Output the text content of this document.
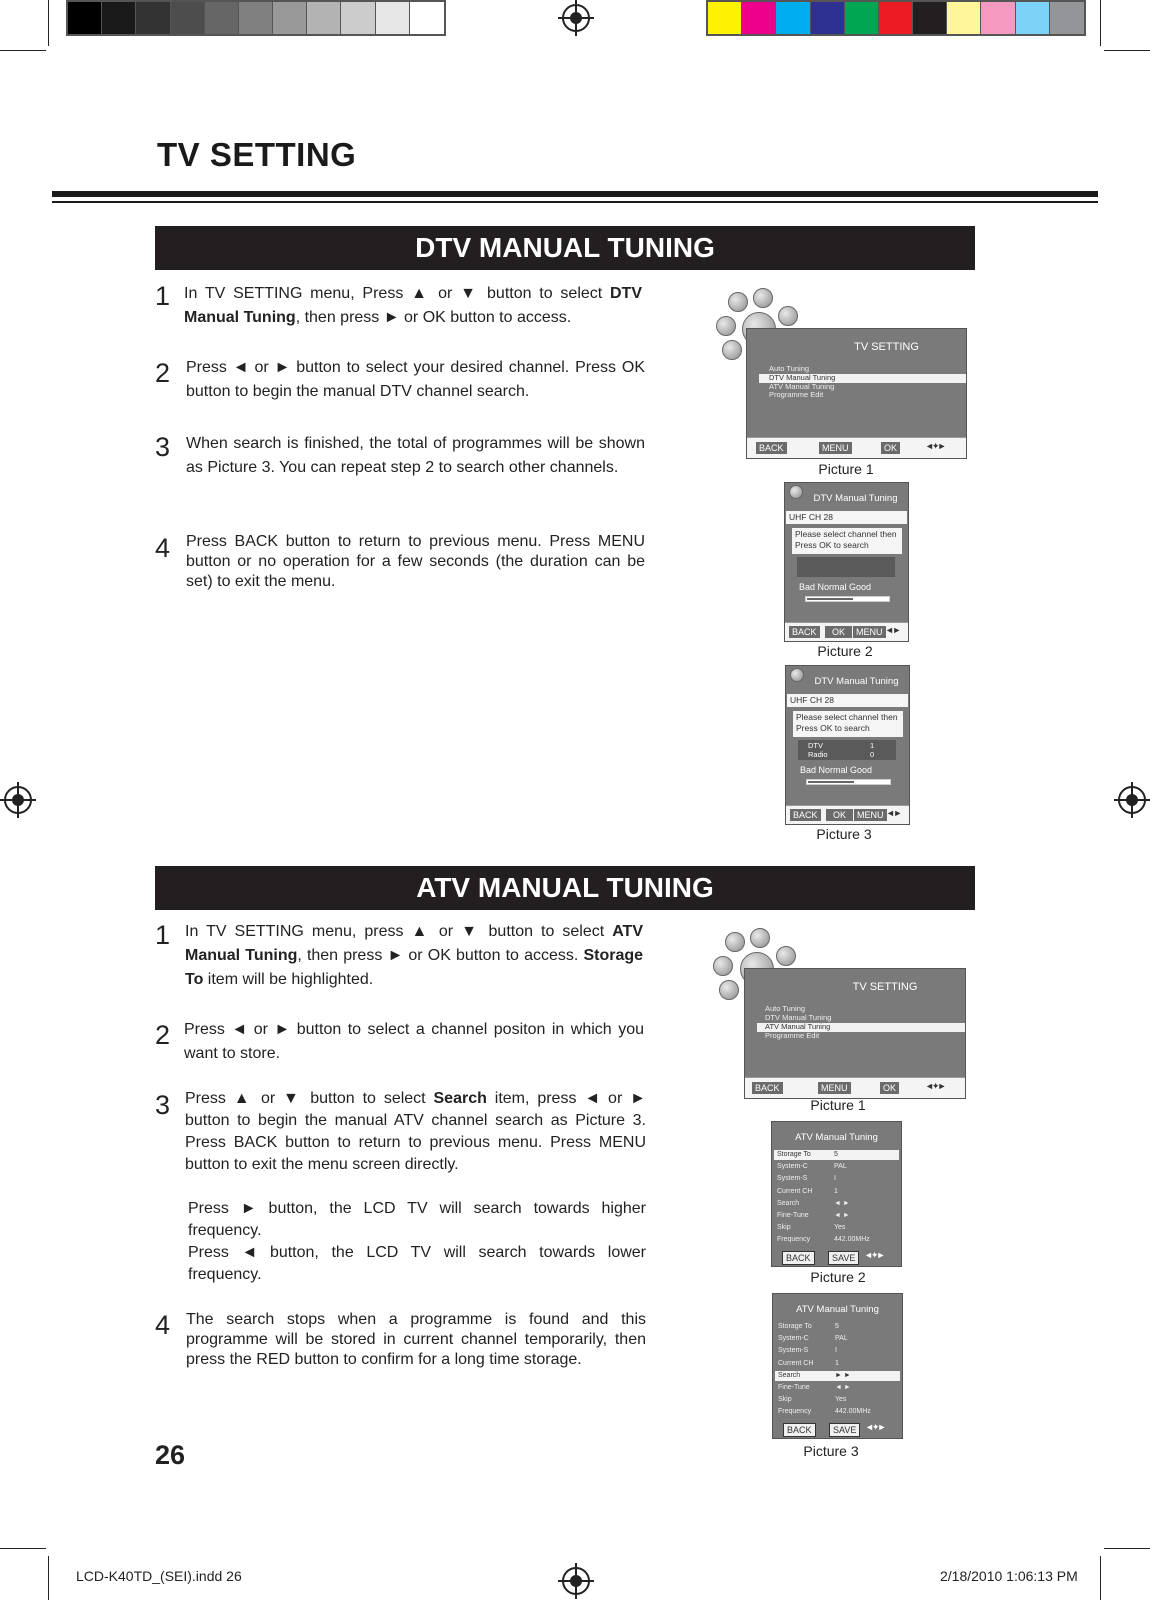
TV SETTING
DTV MANUAL TUNING
1 In TV SETTING menu, Press ▲ or ▼ button to select DTV Manual Tuning, then press ► or OK button to access.
2 Press ◄ or ► button to select your desired channel. Press OK button to begin the manual DTV channel search.
3 When search is finished, the total of programmes will be shown as Picture 3. You can repeat step 2 to search other channels.
4 Press BACK button to return to previous menu. Press MENU button or no operation for a few seconds (the duration can be set) to exit the menu.
TV SETTING
Auto Tuning
DTV Manual Tuning
ATV Manual Tuning
Programme Edit
BACK	MENU	OK	◄✦►
Picture 1
DTV Manual Tuning
UHF CH 28
Please select channel then
Press OK to search
Bad Normal Good
BACK	OK	MENU ◄ ►
Picture 2
DTV Manual Tuning
UHF CH 28
Please select channel then
Press OK to search
DTV	1
Radio	0
Bad Normal Good
BACK	OK	MENU ◄ ►
Picture 3
ATV MANUAL TUNING
1 In TV SETTING menu, press ▲ or ▼ button to select ATV Manual Tuning, then press ► or OK button to access. Storage To item will be highlighted.
2 Press ◄ or ► button to select a channel positon in which you want to store.
3 Press ▲ or ▼ button to select Search item, press ◄ or ► button to begin the manual ATV channel search as Picture 3. Press BACK button to return to previous menu. Press MENU button to exit the menu screen directly.
Press ► button, the LCD TV will search towards higher frequency.
Press ◄ button, the LCD TV will search towards lower frequency.
4 The search stops when a programme is found and this programme will be stored in current channel temporarily, then press the RED button to confirm for a long time storage.
TV SETTING
Auto Tuning
DTV Manual Tuning
ATV Manual Tuning
Programme Edit
BACK	MENU	OK	◄✦►
Picture 1
ATV Manual Tuning
BACK	SAVE ◄✦►
Storage To	5
System-C	PAL
System-S	I
Current CH	1
Search	◄ ►
Fine-Tune	◄ ►
Skip	Yes
Frequency	442.00MHz
Picture 2
ATV Manual Tuning
BACK	SAVE ◄✦►
Storage To	5
System-C	PAL
System-S	I
Current CH	1
Search	► ►
Fine-Tune	◄ ►
Skip	Yes
Frequency	442.00MHz
Picture 3
26
LCD-K40TD_(SEI).indd 26	2/18/2010 1:06:13 PM
